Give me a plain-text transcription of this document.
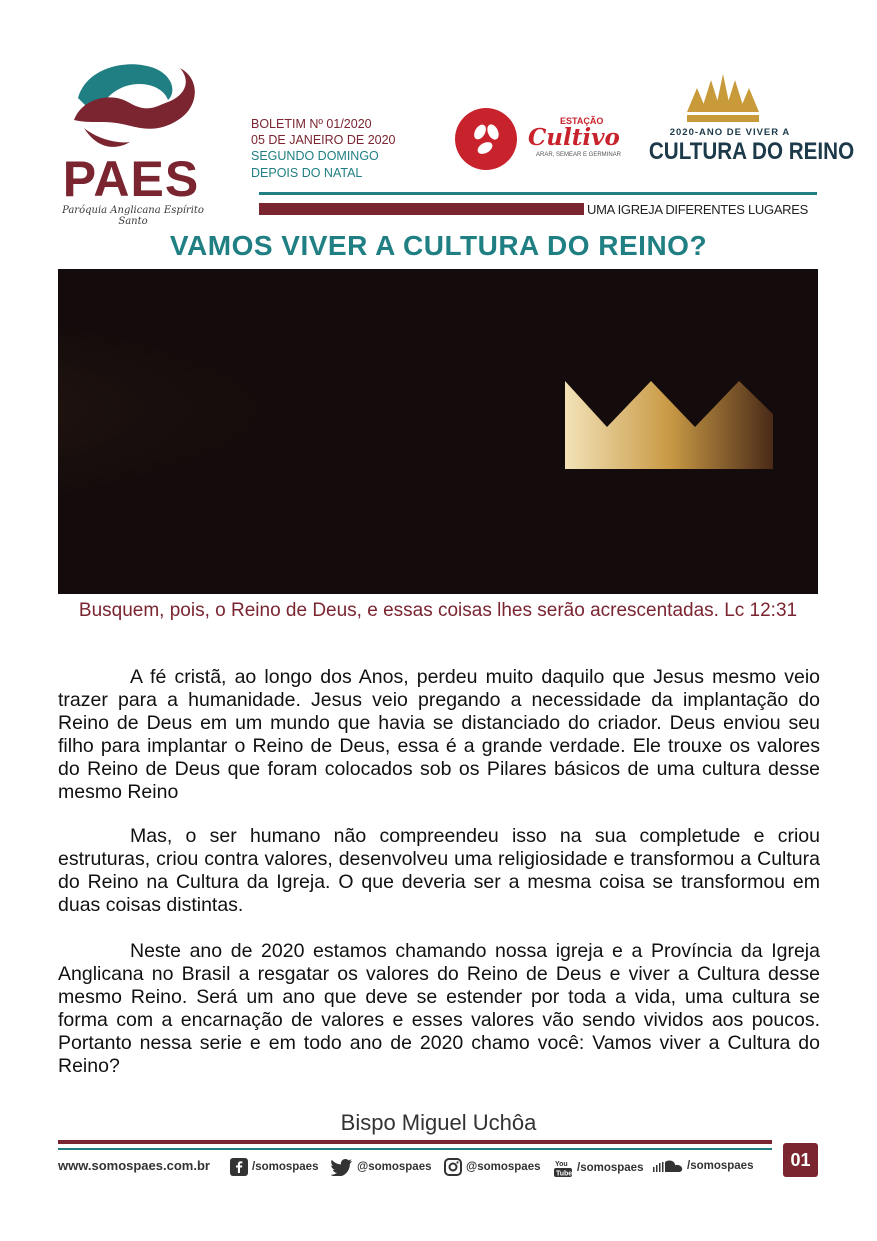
PAES
Paróquia Anglicana Espírito Santo
BOLETIM Nº 01/2020
05 DE JANEIRO DE 2020
SEGUNDO DOMINGO
DEPOIS DO NATAL
ESTAÇÃO
Cultivo
ARAR, SEMEAR E GERMINAR
2020-ANO DE VIVER A
CULTURA DO REINO
UMA IGREJA DIFERENTES LUGARES
VAMOS VIVER A CULTURA DO REINO?
Busquem, pois, o Reino de Deus, e essas coisas lhes serão acrescentadas. Lc 12:31

A fé cristã, ao longo dos Anos, perdeu muito daquilo que Jesus mesmo veio trazer para a humanidade. Jesus veio pregando a necessidade da implantação do Reino de Deus em um mundo que havia se distanciado do criador. Deus enviou seu filho para implantar o Reino de Deus, essa é a grande verdade. Ele trouxe os valores do Reino de Deus que foram colocados sob os Pilares básicos de uma cultura desse mesmo Reino

Mas, o ser humano não compreendeu isso na sua completude e criou estruturas, criou contra valores, desenvolveu uma religiosidade e transformou a Cultura do Reino na Cultura da Igreja. O que deveria ser a mesma coisa se transformou em duas coisas distintas.

Neste ano de 2020 estamos chamando nossa igreja e a Província da Igreja Anglicana no Brasil a resgatar os valores do Reino de Deus e viver a Cultura desse mesmo Reino. Será um ano que deve se estender por toda a vida, uma cultura se forma com a encarnação de valores e esses valores vão sendo vividos aos poucos. Portanto nessa serie e em todo ano de 2020 chamo você: Vamos viver a Cultura do Reino?

Bispo Miguel Uchôa
www.somospaes.com.br	/somospaes	@somospaes	@somospaes You
Tube /somospaes	/somospaes	01
